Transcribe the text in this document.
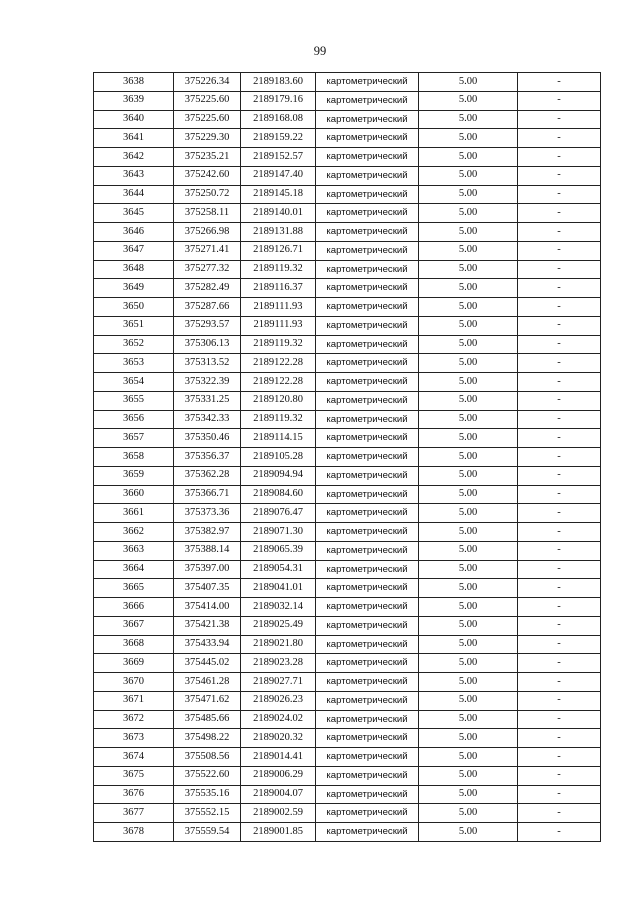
99
3638	375226.34	2189183.60	картометрический	5.00	-
3639	375225.60	2189179.16	картометрический	5.00	-
3640	375225.60	2189168.08	картометрический	5.00	-
3641	375229.30	2189159.22	картометрический	5.00	-
3642	375235.21	2189152.57	картометрический	5.00	-
3643	375242.60	2189147.40	картометрический	5.00	-
3644	375250.72	2189145.18	картометрический	5.00	-
3645	375258.11	2189140.01	картометрический	5.00	-
3646	375266.98	2189131.88	картометрический	5.00	-
3647	375271.41	2189126.71	картометрический	5.00	-
3648	375277.32	2189119.32	картометрический	5.00	-
3649	375282.49	2189116.37	картометрический	5.00	-
3650	375287.66	2189111.93	картометрический	5.00	-
3651	375293.57	2189111.93	картометрический	5.00	-
3652	375306.13	2189119.32	картометрический	5.00	-
3653	375313.52	2189122.28	картометрический	5.00	-
3654	375322.39	2189122.28	картометрический	5.00	-
3655	375331.25	2189120.80	картометрический	5.00	-
3656	375342.33	2189119.32	картометрический	5.00	-
3657	375350.46	2189114.15	картометрический	5.00	-
3658	375356.37	2189105.28	картометрический	5.00	-
3659	375362.28	2189094.94	картометрический	5.00	-
3660	375366.71	2189084.60	картометрический	5.00	-
3661	375373.36	2189076.47	картометрический	5.00	-
3662	375382.97	2189071.30	картометрический	5.00	-
3663	375388.14	2189065.39	картометрический	5.00	-
3664	375397.00	2189054.31	картометрический	5.00	-
3665	375407.35	2189041.01	картометрический	5.00	-
3666	375414.00	2189032.14	картометрический	5.00	-
3667	375421.38	2189025.49	картометрический	5.00	-
3668	375433.94	2189021.80	картометрический	5.00	-
3669	375445.02	2189023.28	картометрический	5.00	-
3670	375461.28	2189027.71	картометрический	5.00	-
3671	375471.62	2189026.23	картометрический	5.00	-
3672	375485.66	2189024.02	картометрический	5.00	-
3673	375498.22	2189020.32	картометрический	5.00	-
3674	375508.56	2189014.41	картометрический	5.00	-
3675	375522.60	2189006.29	картометрический	5.00	-
3676	375535.16	2189004.07	картометрический	5.00	-
3677	375552.15	2189002.59	картометрический	5.00	-
3678	375559.54	2189001.85	картометрический	5.00	-
